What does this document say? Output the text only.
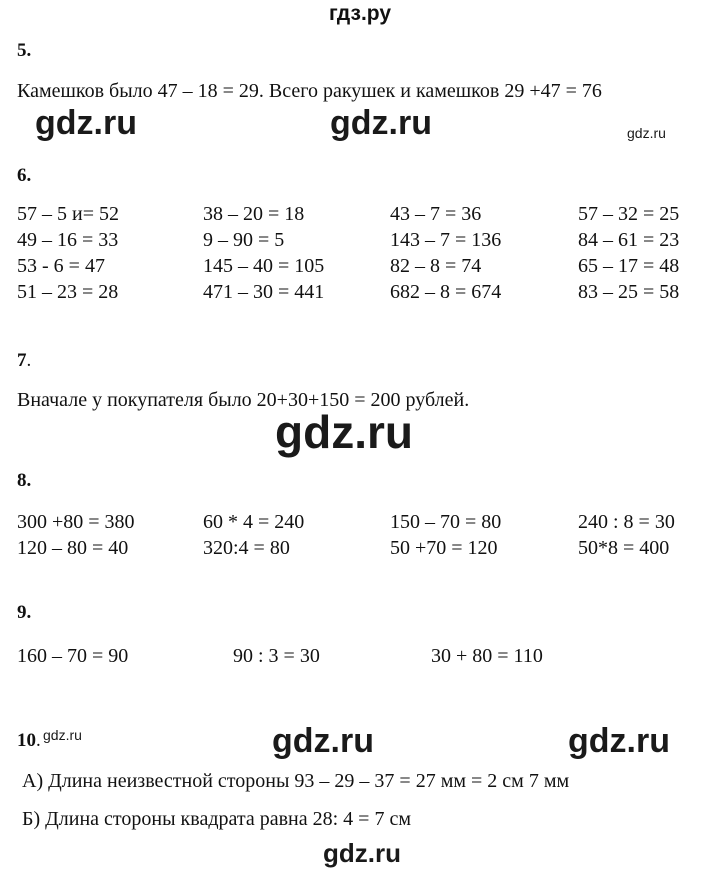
гдз.ру
5.
Камешков было 47 – 18 = 29. Всего ракушек и камешков 29 +47 = 76
gdz.ru	gdz.ru	gdz.ru
6.
57 – 5 и= 52	38 – 20 = 18	43 – 7 = 36	57 – 32 = 25
49 – 16 = 33	9 – 90 = 5	143 – 7 = 136	84 – 61 = 23
53 - 6 = 47	145 – 40 = 105	82 – 8 = 74	65 – 17 = 48
51 – 23 = 28	471 – 30 = 441	682 – 8 = 674	83 – 25 = 58
7.
Вначале у покупателя было 20+30+150 = 200 рублей.
gdz.ru
8.
300 +80 = 380	60 * 4 = 240	150 – 70 = 80	240 : 8 = 30
120 – 80 = 40	320:4 = 80	50 +70 = 120	50*8 = 400
9.
160 – 70 = 90	90 : 3 = 30	30 + 80 = 110
10. gdz.ru	gdz.ru	gdz.ru
А) Длина неизвестной стороны 93 – 29 – 37 = 27 мм = 2 см 7 мм
Б) Длина стороны квадрата равна 28: 4 = 7 см
gdz.ru
